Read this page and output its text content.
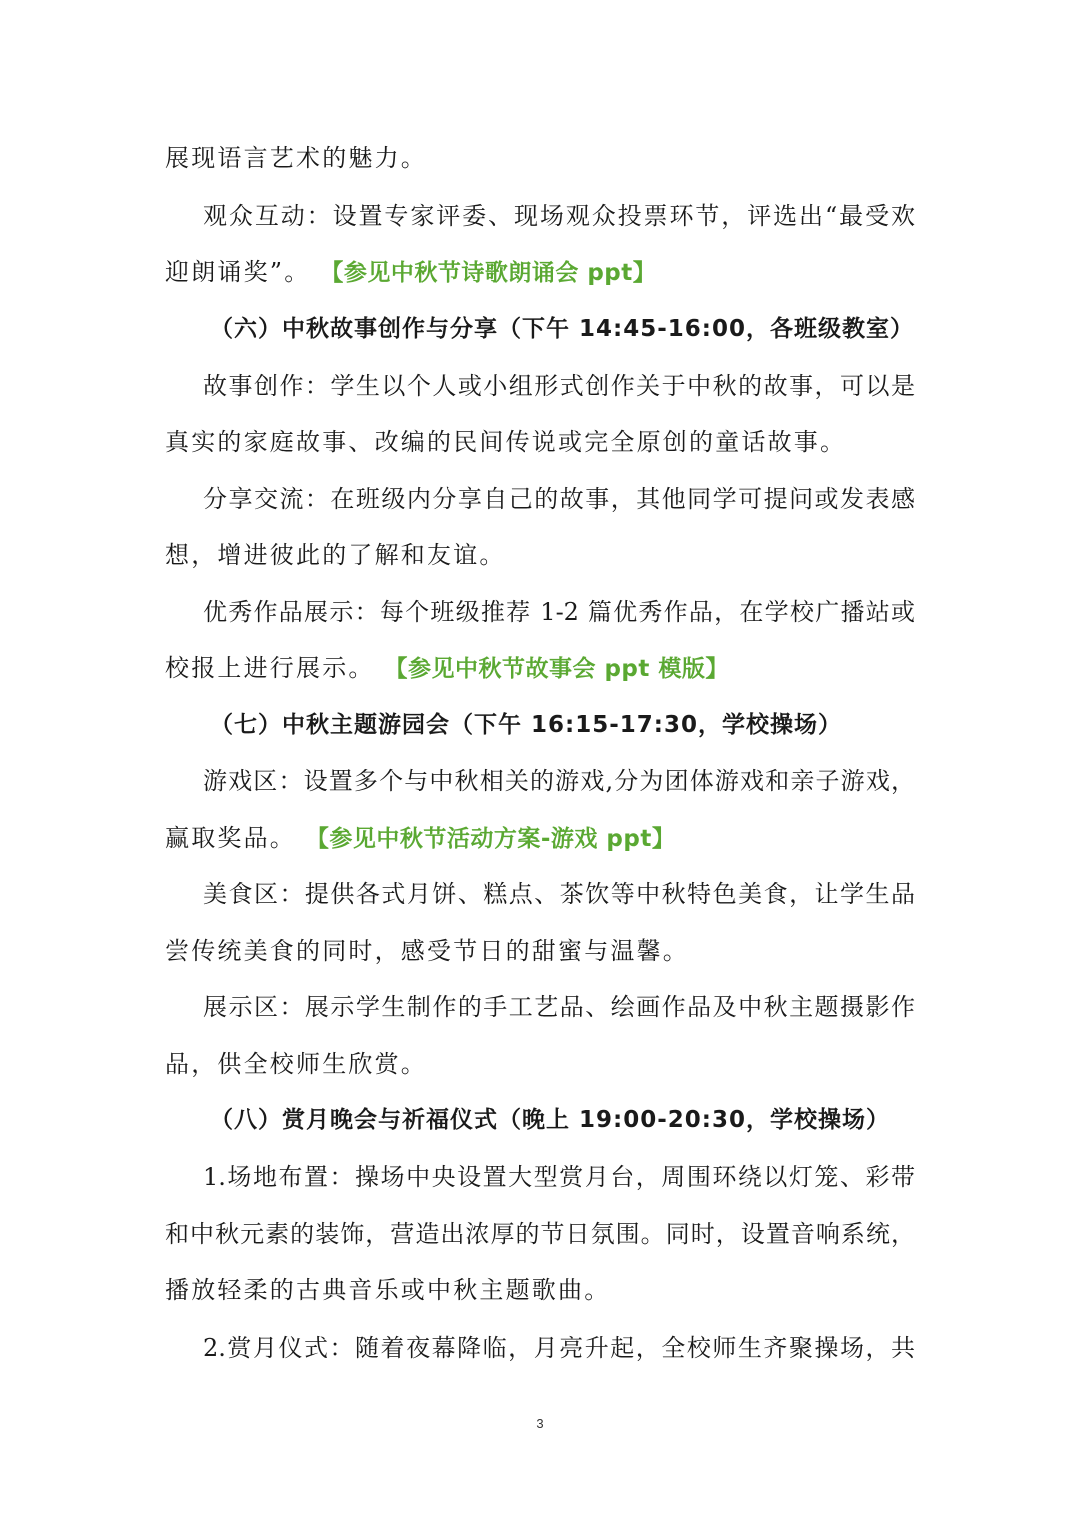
展现语言艺术的魅力。
观众互动：设置专家评委、现场观众投票环节，评选出“最受欢
迎朗诵奖”。 【参见中秋节诗歌朗诵会 ppt】
（六）中秋故事创作与分享（下午 14:45-16:00，各班级教室）
故事创作：学生以个人或小组形式创作关于中秋的故事，可以是
真实的家庭故事、改编的民间传说或完全原创的童话故事。
分享交流：在班级内分享自己的故事，其他同学可提问或发表感
想，增进彼此的了解和友谊。
优秀作品展示：每个班级推荐 1-2 篇优秀作品，在学校广播站或
校报上进行展示。 【参见中秋节故事会 ppt 模版】
（七）中秋主题游园会（下午 16:15-17:30，学校操场）
游戏区：设置多个与中秋相关的游戏,分为团体游戏和亲子游戏，
赢取奖品。 【参见中秋节活动方案-游戏 ppt】
美食区：提供各式月饼、糕点、茶饮等中秋特色美食，让学生品
尝传统美食的同时，感受节日的甜蜜与温馨。
展示区：展示学生制作的手工艺品、绘画作品及中秋主题摄影作
品，供全校师生欣赏。
（八）赏月晚会与祈福仪式（晚上 19:00-20:30，学校操场）
1.场地布置：操场中央设置大型赏月台，周围环绕以灯笼、彩带
和中秋元素的装饰，营造出浓厚的节日氛围。同时，设置音响系统，
播放轻柔的古典音乐或中秋主题歌曲。
2.赏月仪式：随着夜幕降临，月亮升起，全校师生齐聚操场，共
3
